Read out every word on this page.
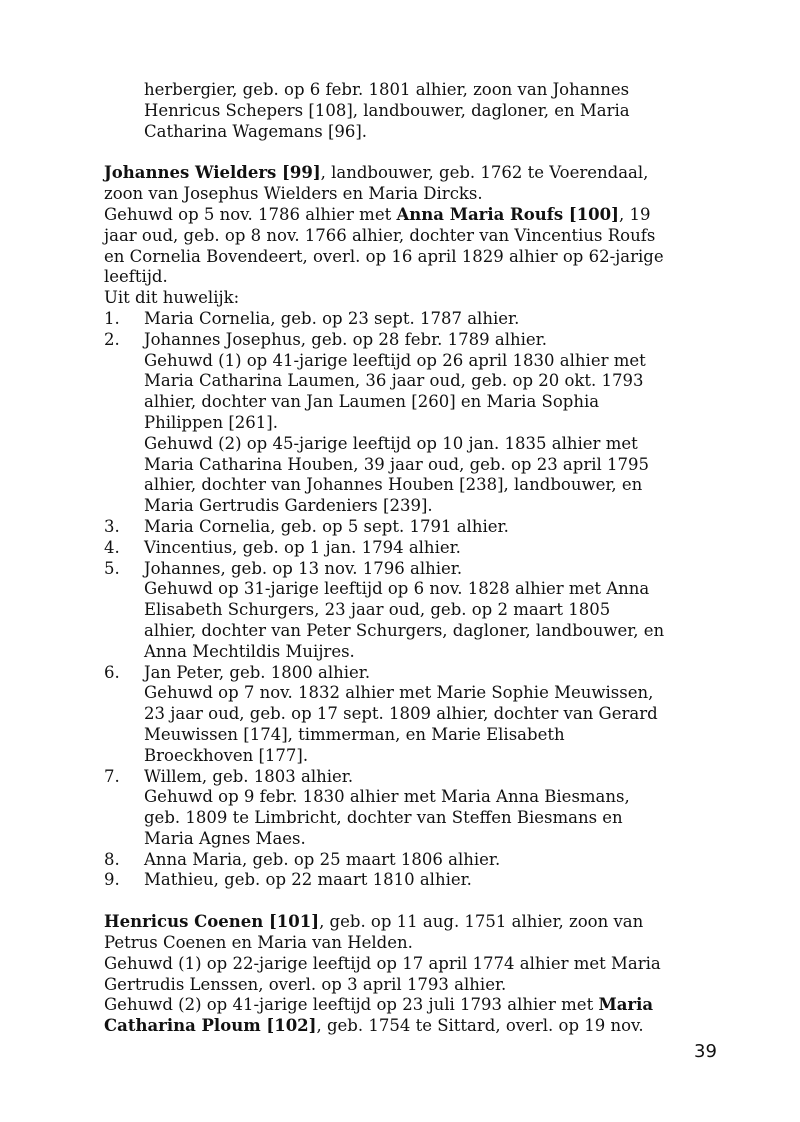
herbergier, geb. op 6 febr. 1801 alhier, zoon van Johannes

Henricus Schepers [108], landbouwer, dagloner, en Maria

Catharina Wagemans [96].

Johannes Wielders [99], landbouwer, geb. 1762 te Voerendaal,

zoon van Josephus Wielders en Maria Dircks.

Gehuwd op 5 nov. 1786 alhier met Anna Maria Roufs [100], 19

jaar oud, geb. op 8 nov. 1766 alhier, dochter van Vincentius Roufs

en Cornelia Bovendeert, overl. op 16 april 1829 alhier op 62-jarige

leeftijd.

Uit dit huwelijk:

1.	Maria Cornelia, geb. op 23 sept. 1787 alhier.

2.	Johannes Josephus, geb. op 28 febr. 1789 alhier.

Gehuwd (1) op 41-jarige leeftijd op 26 april 1830 alhier met

Maria Catharina Laumen, 36 jaar oud, geb. op 20 okt. 1793

alhier, dochter van Jan Laumen [260] en Maria Sophia

Philippen [261].

Gehuwd (2) op 45-jarige leeftijd op 10 jan. 1835 alhier met

Maria Catharina Houben, 39 jaar oud, geb. op 23 april 1795

alhier, dochter van Johannes Houben [238], landbouwer, en

Maria Gertrudis Gardeniers [239].

3.	Maria Cornelia, geb. op 5 sept. 1791 alhier.

4.	Vincentius, geb. op 1 jan. 1794 alhier.

5.	Johannes, geb. op 13 nov. 1796 alhier.

Gehuwd op 31-jarige leeftijd op 6 nov. 1828 alhier met Anna

Elisabeth Schurgers, 23 jaar oud, geb. op 2 maart 1805

alhier, dochter van Peter Schurgers, dagloner, landbouwer, en

Anna Mechtildis Muijres.

6.	Jan Peter, geb. 1800 alhier.

Gehuwd op 7 nov. 1832 alhier met Marie Sophie Meuwissen,

23 jaar oud, geb. op 17 sept. 1809 alhier, dochter van Gerard

Meuwissen [174], timmerman, en Marie Elisabeth

Broeckhoven [177].

7.	Willem, geb. 1803 alhier.

Gehuwd op 9 febr. 1830 alhier met Maria Anna Biesmans,

geb. 1809 te Limbricht, dochter van Steffen Biesmans en

Maria Agnes Maes.

8.	Anna Maria, geb. op 25 maart 1806 alhier.

9.	Mathieu, geb. op 22 maart 1810 alhier.

Henricus Coenen [101], geb. op 11 aug. 1751 alhier, zoon van

Petrus Coenen en Maria van Helden.

Gehuwd (1) op 22-jarige leeftijd op 17 april 1774 alhier met Maria

Gertrudis Lenssen, overl. op 3 april 1793 alhier.

Gehuwd (2) op 41-jarige leeftijd op 23 juli 1793 alhier met Maria

Catharina Ploum [102], geb. 1754 te Sittard, overl. op 19 nov.

39
